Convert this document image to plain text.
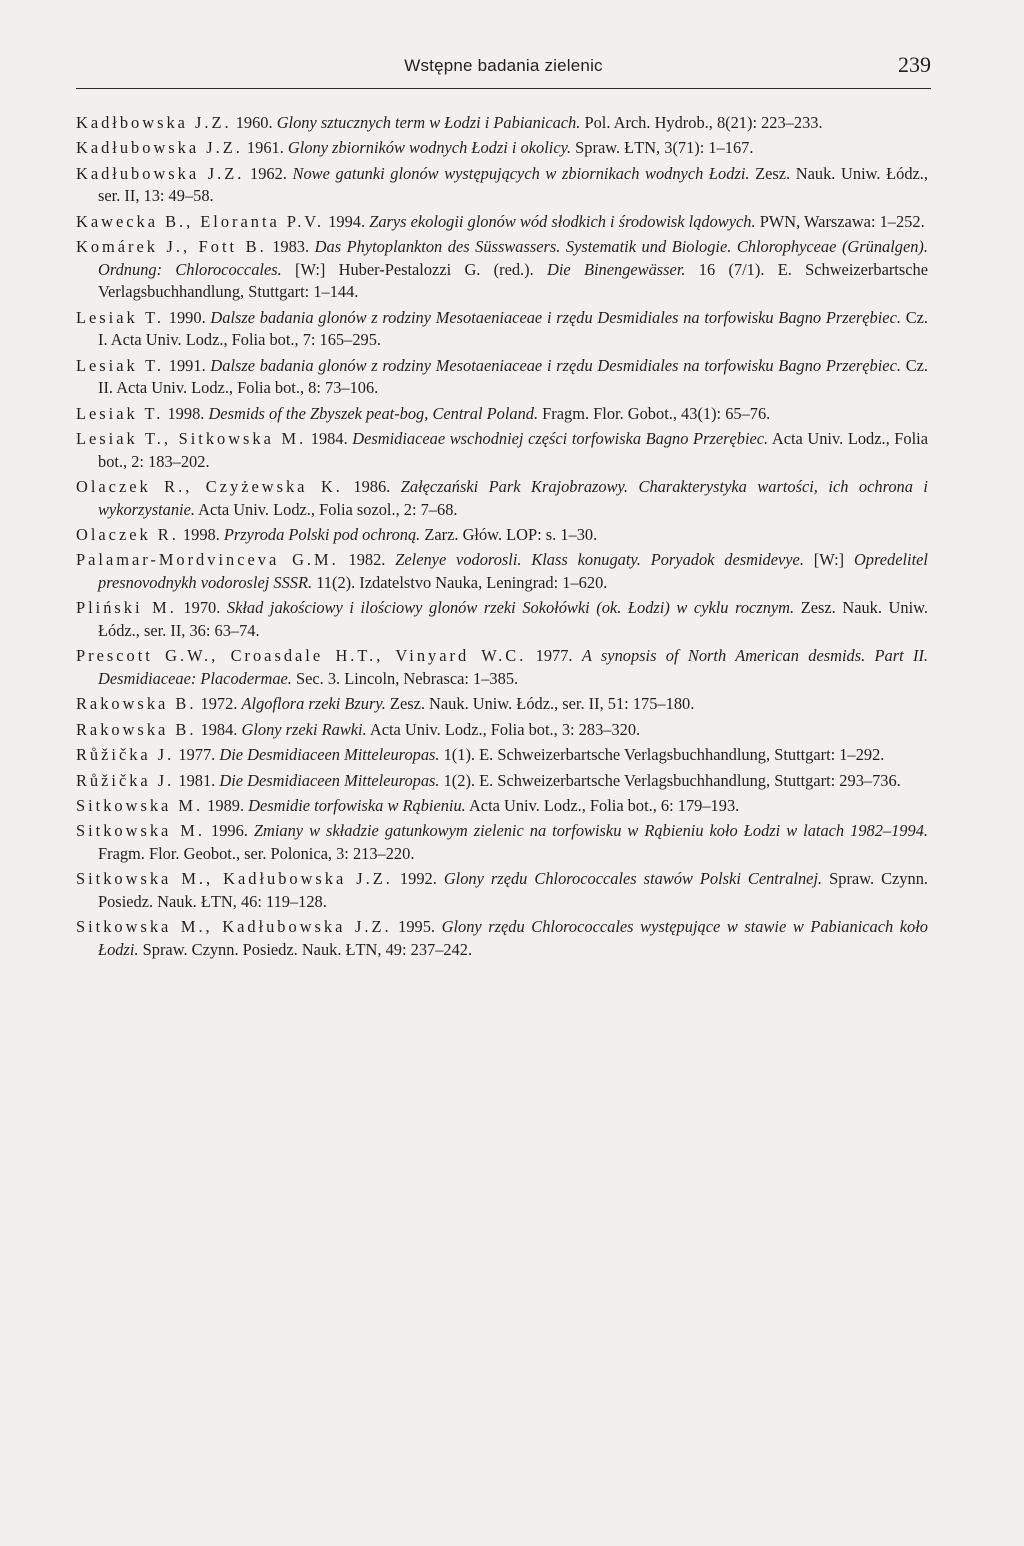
Wstępne badania zielenic	239

Kadłbowska J.Z. 1960. Glony sztucznych term w Łodzi i Pabianicach. Pol. Arch. Hydrob., 8(21): 223–233.

Kadłubowska J.Z. 1961. Glony zbiorników wodnych Łodzi i okolicy. Spraw. ŁTN, 3(71): 1–167.

Kadłubowska J.Z. 1962. Nowe gatunki glonów występujących w zbiornikach wodnych Łodzi. Zesz. Nauk. Uniw. Łódz., ser. II, 13: 49–58.

Kawecka B., Eloranta P.V. 1994. Zarys ekologii glonów wód słodkich i środowisk lądowych. PWN, Warszawa: 1–252.

Komárek J., Fott B. 1983. Das Phytoplankton des Süsswassers. Systematik und Biologie. Chlorophyceae (Grünalgen). Ordnung: Chlorococcales. [W:] Huber-Pestalozzi G. (red.). Die Binengewässer. 16 (7/1). E. Schweizerbartsche Verlagsbuchhandlung, Stuttgart: 1–144.

Lesiak T. 1990. Dalsze badania glonów z rodziny Mesotaeniaceae i rzędu Desmidiales na torfowisku Bagno Przerębiec. Cz. I. Acta Univ. Lodz., Folia bot., 7: 165–295.

Lesiak T. 1991. Dalsze badania glonów z rodziny Mesotaeniaceae i rzędu Desmidiales na torfowisku Bagno Przerębiec. Cz. II. Acta Univ. Lodz., Folia bot., 8: 73–106.

Lesiak T. 1998. Desmids of the Zbyszek peat-bog, Central Poland. Fragm. Flor. Gobot., 43(1): 65–76.

Lesiak T., Sitkowska M. 1984. Desmidiaceae wschodniej części torfowiska Bagno Przerębiec. Acta Univ. Lodz., Folia bot., 2: 183–202.

Olaczek R., Czyżewska K. 1986. Załęczański Park Krajobrazowy. Charakterystyka wartości, ich ochrona i wykorzystanie. Acta Univ. Lodz., Folia sozol., 2: 7–68.

Olaczek R. 1998. Przyroda Polski pod ochroną. Zarz. Głów. LOP: s. 1–30.

Palamar-Mordvinceva G.M. 1982. Zelenye vodorosli. Klass konugaty. Poryadok desmidevye. [W:] Opredelitel presnovodnykh vodoroslej SSSR. 11(2). Izdatelstvo Nauka, Leningrad: 1–620.

Pliński M. 1970. Skład jakościowy i ilościowy glonów rzeki Sokołówki (ok. Łodzi) w cyklu rocznym. Zesz. Nauk. Uniw. Łódz., ser. II, 36: 63–74.

Prescott G.W., Croasdale H.T., Vinyard W.C. 1977. A synopsis of North American desmids. Part II. Desmidiaceae: Placodermae. Sec. 3. Lincoln, Nebrasca: 1–385.

Rakowska B. 1972. Algoflora rzeki Bzury. Zesz. Nauk. Uniw. Łódz., ser. II, 51: 175–180.

Rakowska B. 1984. Glony rzeki Rawki. Acta Univ. Lodz., Folia bot., 3: 283–320.

Růžička J. 1977. Die Desmidiaceen Mitteleuropas. 1(1). E. Schweizerbartsche Verlagsbuchhandlung, Stuttgart: 1–292.

Růžička J. 1981. Die Desmidiaceen Mitteleuropas. 1(2). E. Schweizerbartsche Verlagsbuchhandlung, Stuttgart: 293–736.

Sitkowska M. 1989. Desmidie torfowiska w Rąbieniu. Acta Univ. Lodz., Folia bot., 6: 179–193.

Sitkowska M. 1996. Zmiany w składzie gatunkowym zielenic na torfowisku w Rąbieniu koło Łodzi w latach 1982–1994. Fragm. Flor. Geobot., ser. Polonica, 3: 213–220.

Sitkowska M., Kadłubowska J.Z. 1992. Glony rzędu Chlorococcales stawów Polski Centralnej. Spraw. Czynn. Posiedz. Nauk. ŁTN, 46: 119–128.

Sitkowska M., Kadłubowska J.Z. 1995. Glony rzędu Chlorococcales występujące w stawie w Pabianicach koło Łodzi. Spraw. Czynn. Posiedz. Nauk. ŁTN, 49: 237–242.
